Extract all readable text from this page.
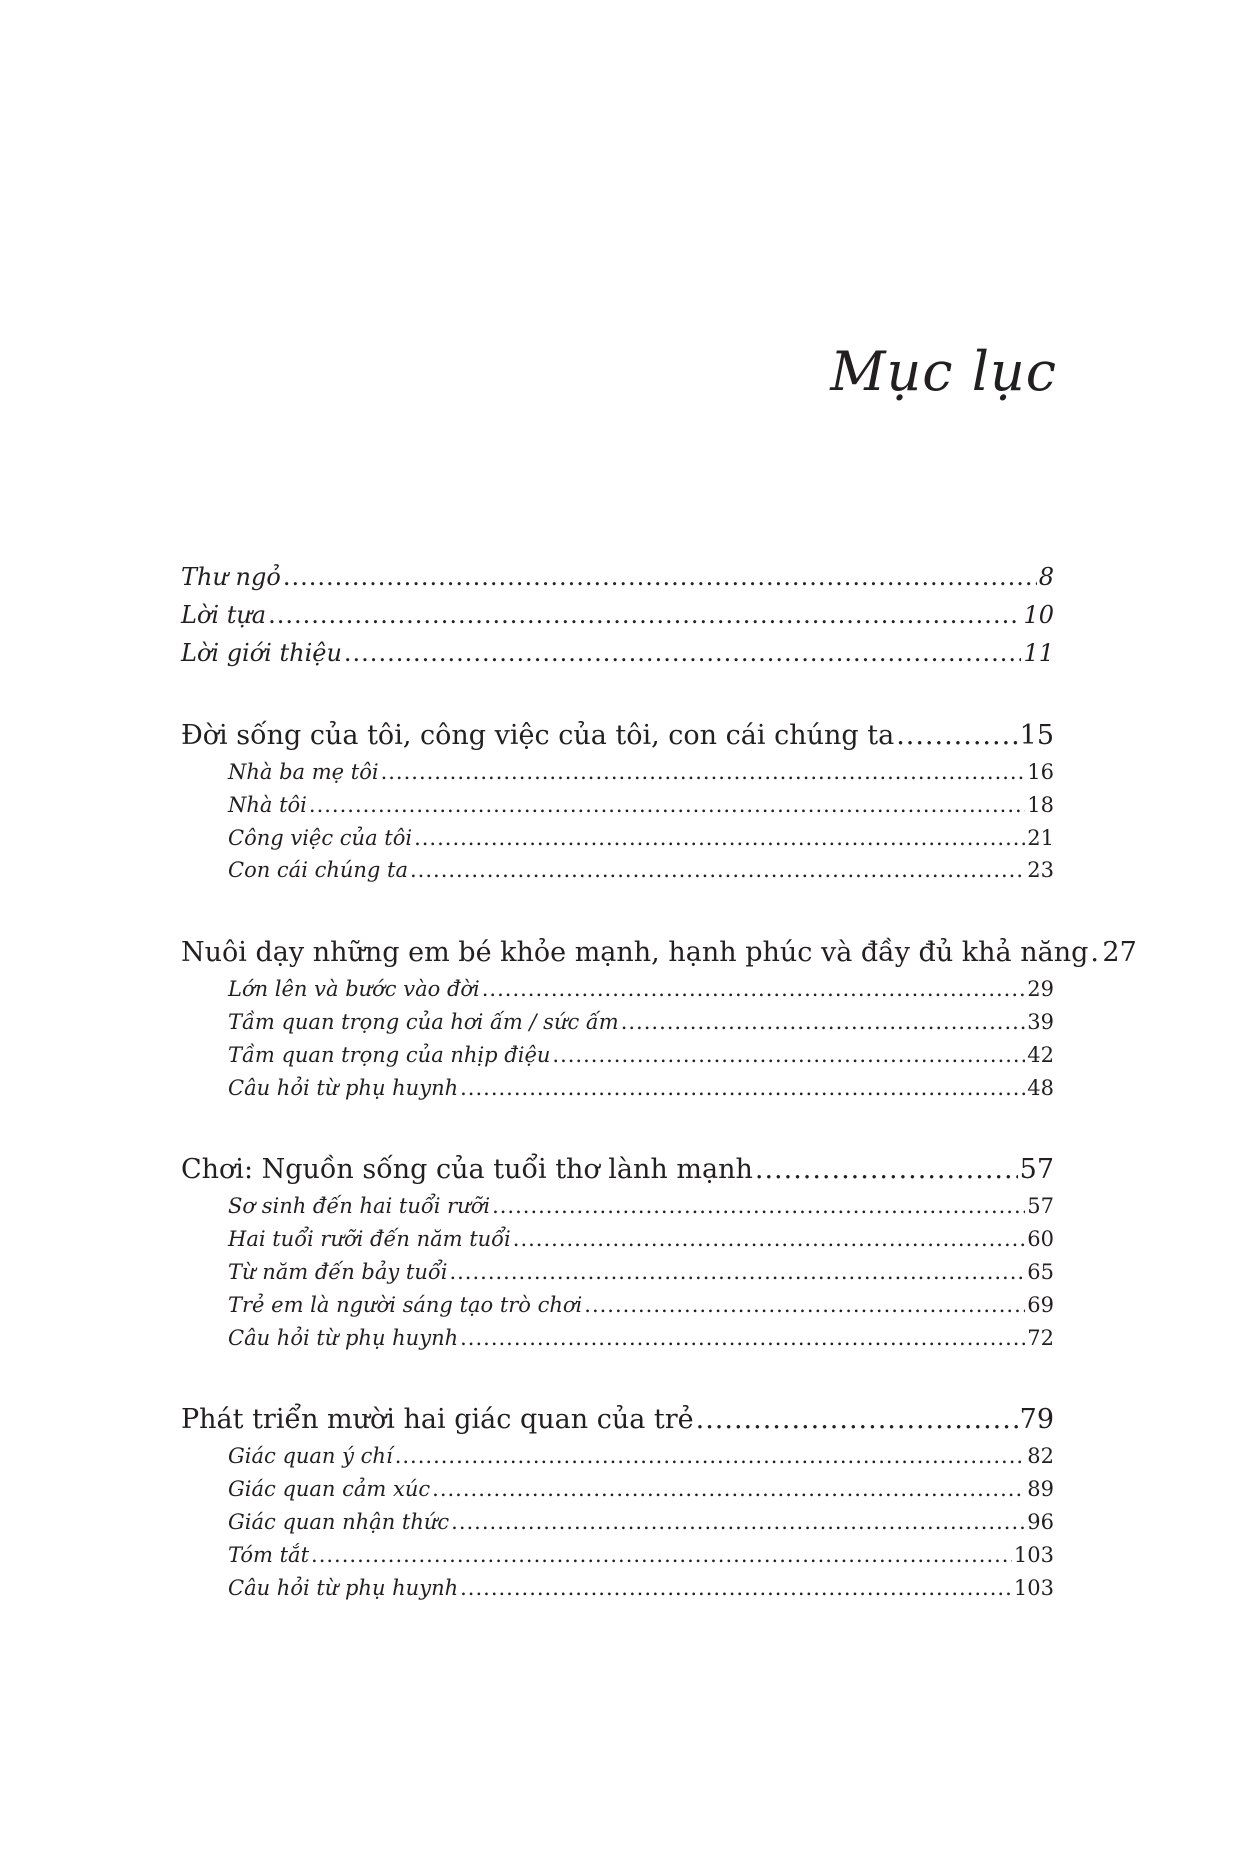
Mục lục
Thư ngỏ .....	8
Lời tựa .....	10
Lời giới thiệu .....	11
Đời sống của tôi, công việc của tôi, con cái chúng ta .....	15
Nhà ba mẹ tôi .....	16
Nhà tôi .....	18
Công việc của tôi .....	21
Con cái chúng ta .....	23
Nuôi dạy những em bé khỏe mạnh, hạnh phúc và đầy đủ khả năng ..... 27
Lớn lên và bước vào đời .....	29
Tầm quan trọng của hơi ấm / sức ấm .....	39
Tầm quan trọng của nhịp điệu .....	42
Câu hỏi từ phụ huynh .....	48
Chơi: Nguồn sống của tuổi thơ lành mạnh .....	57
Sơ sinh đến hai tuổi rưỡi .....	57
Hai tuổi rưỡi đến năm tuổi .....	60
Từ năm đến bảy tuổi .....	65
Trẻ em là người sáng tạo trò chơi .....	69
Câu hỏi từ phụ huynh .....	72
Phát triển mười hai giác quan của trẻ .....	79
Giác quan ý chí .....	82
Giác quan cảm xúc .....	89
Giác quan nhận thức .....	96
Tóm tắt .....	103
Câu hỏi từ phụ huynh .....	103
